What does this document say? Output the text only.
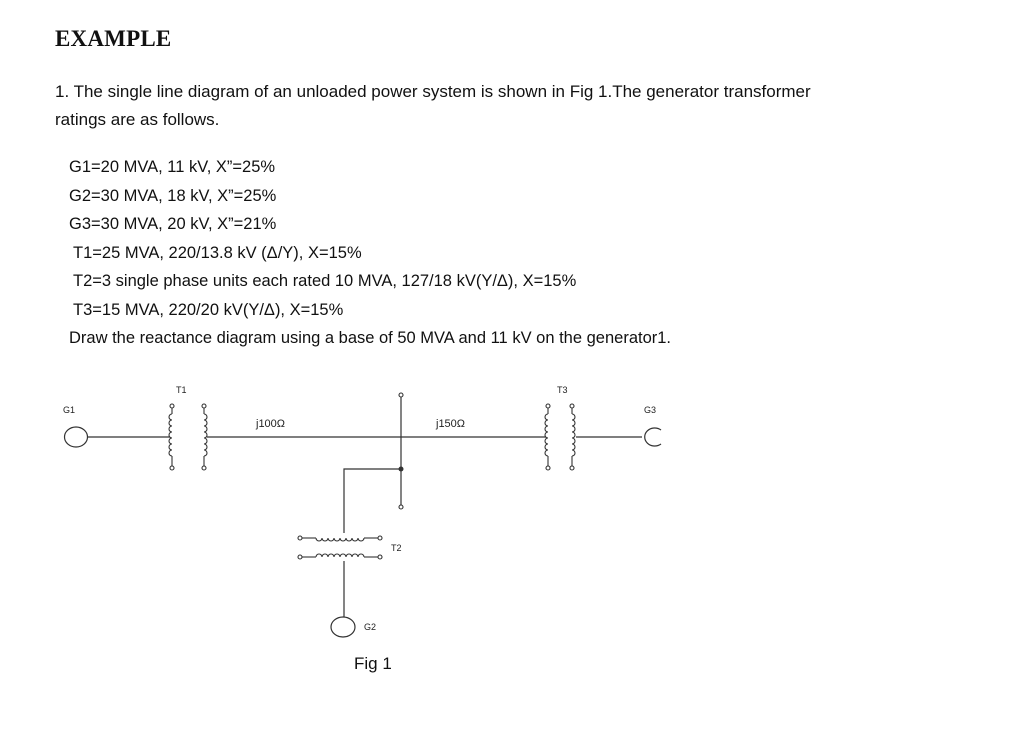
EXAMPLE
1. The single line diagram of an unloaded power system is shown in Fig 1.The generator transformer
ratings are as follows.
G1=20 MVA, 11 kV, X”=25%
G2=30 MVA, 18 kV, X”=25%
G3=30 MVA, 20 kV, X”=21%
T1=25 MVA, 220/13.8 kV (Δ/Y), X=15%
T2=3 single phase units each rated 10 MVA, 127/18 kV(Y/Δ), X=15%
T3=15 MVA, 220/20 kV(Y/Δ), X=15%
Draw the reactance diagram using a base of 50 MVA and 11 kV on the generator1.
G1
T1
j100Ω	j150Ω
T3
G3
T2
G2
Fig 1
